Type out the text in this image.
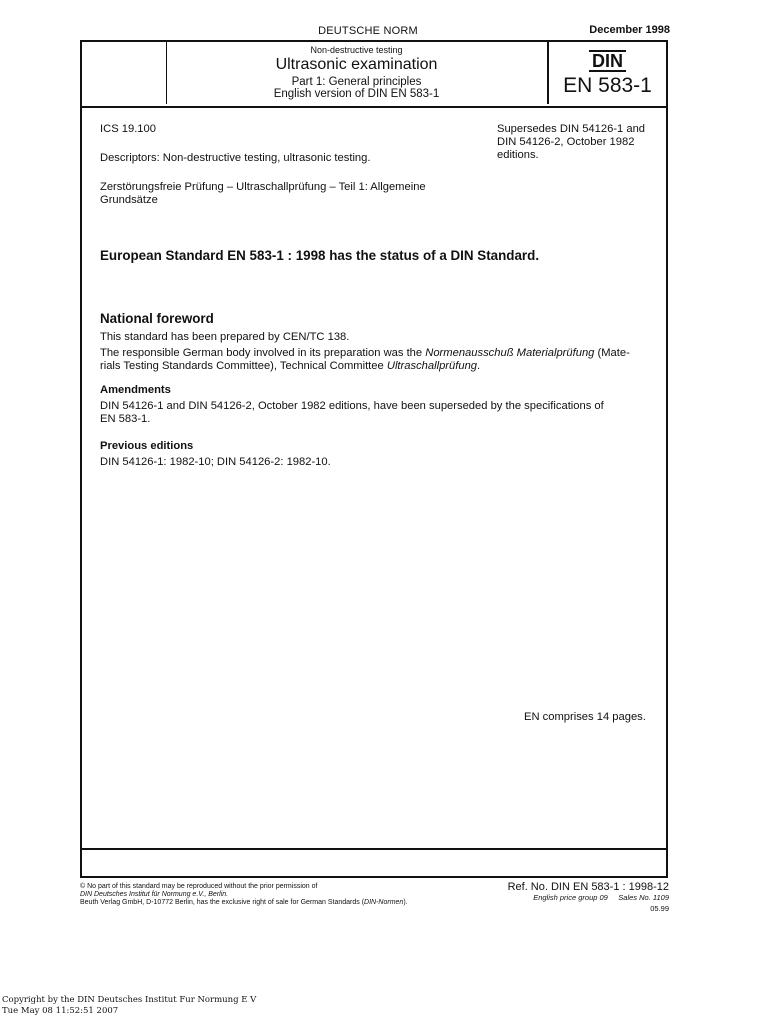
DEUTSCHE NORM	December 1998
Non-destructive testing
Ultrasonic examination
Part 1: General principles
English version of DIN EN 583-1
DIN
EN 583-1
ICS 19.100	Supersedes DIN 54126-1 and
DIN 54126-2, October 1982
editions.
Descriptors: Non-destructive testing, ultrasonic testing.
Zerstörungsfreie Prüfung – Ultraschallprüfung – Teil 1: Allgemeine
Grundsätze
European Standard EN 583-1 : 1998 has the status of a DIN Standard.
National foreword
This standard has been prepared by CEN/TC 138.
The responsible German body involved in its preparation was the Normenausschuß Materialprüfung (Mate-
rials Testing Standards Committee), Technical Committee Ultraschallprüfung.
Amendments
DIN 54126-1 and DIN 54126-2, October 1982 editions, have been superseded by the specifications of
EN 583-1.
Previous editions
DIN 54126-1: 1982-10; DIN 54126-2: 1982-10.
EN comprises 14 pages.
© No part of this standard may be reproduced without the prior permission of
DIN Deutsches Institut für Normung e.V., Berlin.
Beuth Verlag GmbH, D-10772 Berlin, has the exclusive right of sale for German Standards (DIN-Normen).
Ref. No. DIN EN 583-1 : 1998-12
English price group 09 Sales No. 1109
05.99
Copyright by the DIN Deutsches Institut Fur Normung E V
Tue May 08 11:52:51 2007
